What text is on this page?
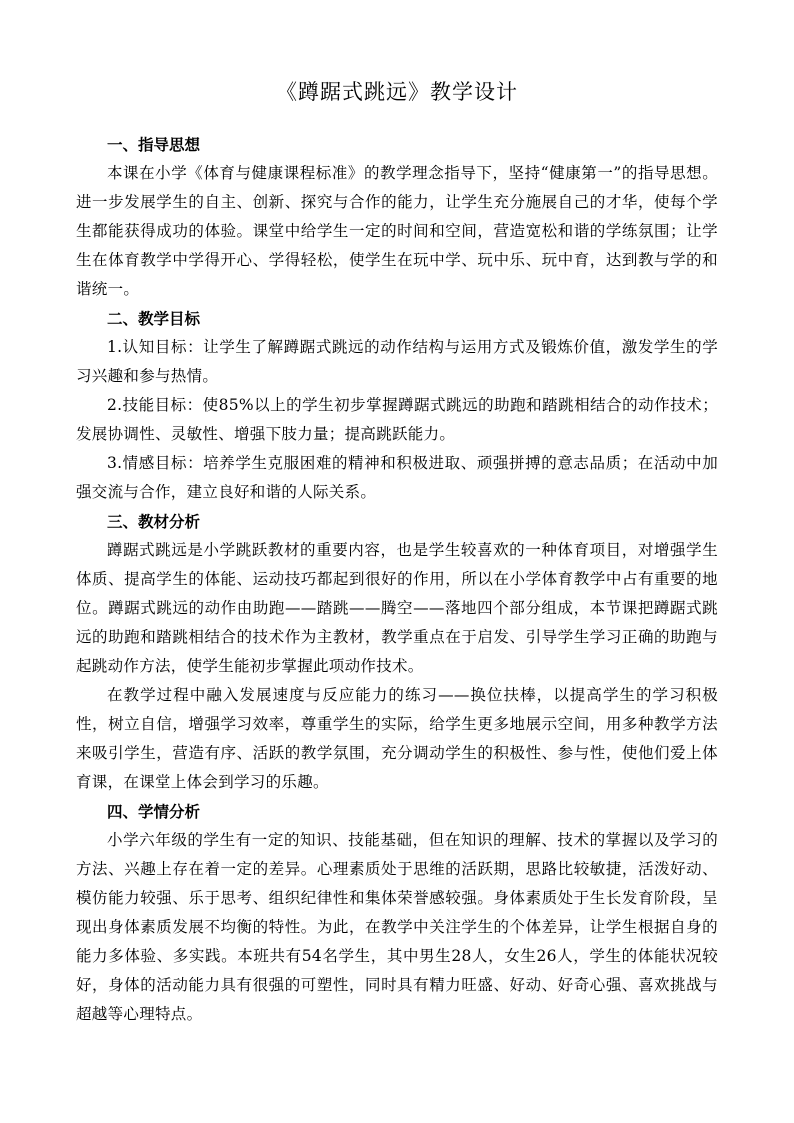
《蹲踞式跳远》教学设计
一、指导思想

本课在小学《体育与健康课程标准》的教学理念指导下，坚持“健康第一”的指导思想。进一步发展学生的自主、创新、探究与合作的能力，让学生充分施展自己的才华，使每个学生都能获得成功的体验。课堂中给学生一定的时间和空间，营造宽松和谐的学练氛围；让学生在体育教学中学得开心、学得轻松，使学生在玩中学、玩中乐、玩中育，达到教与学的和谐统一。

二、教学目标

1.认知目标：让学生了解蹲踞式跳远的动作结构与运用方式及锻炼价值，激发学生的学习兴趣和参与热情。

2.技能目标：使85%以上的学生初步掌握蹲踞式跳远的助跑和踏跳相结合的动作技术；发展协调性、灵敏性、增强下肢力量；提高跳跃能力。

3.情感目标：培养学生克服困难的精神和积极进取、顽强拼搏的意志品质；在活动中加强交流与合作，建立良好和谐的人际关系。

三、教材分析

蹲踞式跳远是小学跳跃教材的重要内容，也是学生较喜欢的一种体育项目，对增强学生体质、提高学生的体能、运动技巧都起到很好的作用，所以在小学体育教学中占有重要的地位。蹲踞式跳远的动作由助跑——踏跳——腾空——落地四个部分组成，本节课把蹲踞式跳远的助跑和踏跳相结合的技术作为主教材，教学重点在于启发、引导学生学习正确的助跑与起跳动作方法，使学生能初步掌握此项动作技术。

在教学过程中融入发展速度与反应能力的练习——换位扶棒，以提高学生的学习积极性，树立自信，增强学习效率，尊重学生的实际，给学生更多地展示空间，用多种教学方法来吸引学生，营造有序、活跃的教学氛围，充分调动学生的积极性、参与性，使他们爱上体育课，在课堂上体会到学习的乐趣。

四、学情分析

小学六年级的学生有一定的知识、技能基础，但在知识的理解、技术的掌握以及学习的方法、兴趣上存在着一定的差异。心理素质处于思维的活跃期，思路比较敏捷，活泼好动、模仿能力较强、乐于思考、组织纪律性和集体荣誉感较强。身体素质处于生长发育阶段，呈现出身体素质发展不均衡的特性。为此，在教学中关注学生的个体差异，让学生根据自身的能力多体验、多实践。本班共有54名学生，其中男生28人，女生26人，学生的体能状况较好，身体的活动能力具有很强的可塑性，同时具有精力旺盛、好动、好奇心强、喜欢挑战与超越等心理特点。
